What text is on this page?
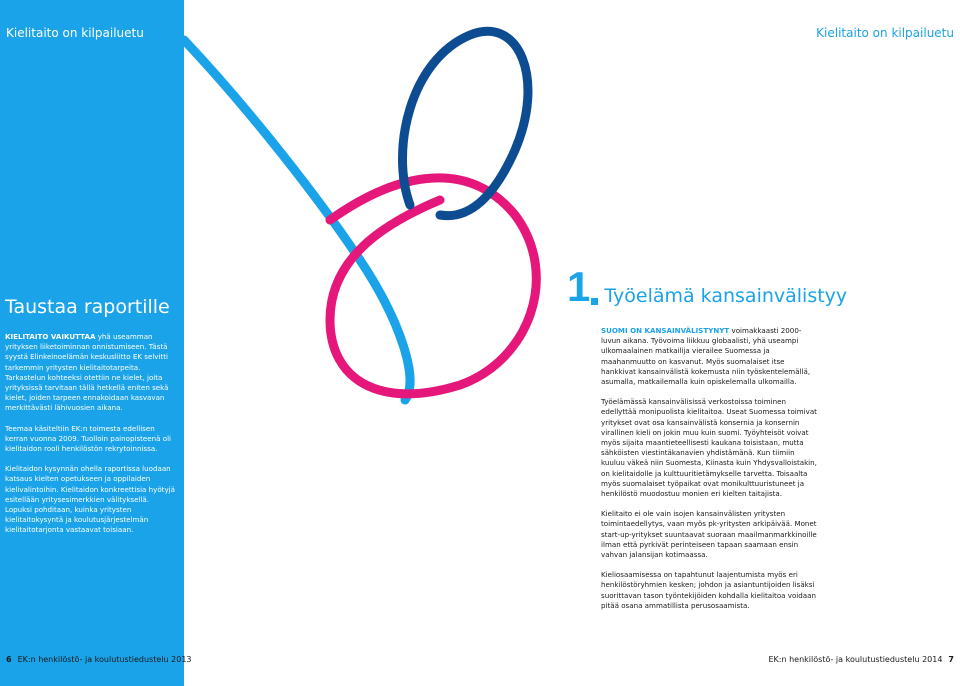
Kielitaito on kilpailuetu	Kielitaito on kilpailuetu
Taustaa raportille

KIELITAITO VAIKUTTAA yhä useamman yrityksen liiketoiminnan onnistumiseen. Tästä syystä Elinkeinoelämän keskusliitto EK selvitti tarkemmin yritysten kielitaitotarpeita. Tarkastelun kohteeksi otettiin ne kielet, joita yrityksissä tarvitaan tällä hetkellä eniten sekä kielet, joiden tarpeen ennakoidaan kasvavan merkittävästi lähivuosien aikana.

Teemaa käsiteltiin EK:n toimesta edellisen kerran vuonna 2009. Tuolloin painopisteenä oli kielitaidon rooli henkilöstön rekrytoinnissa.

Kielitaidon kysynnän ohella raportissa luodaan katsaus kielten opetukseen ja oppilaiden kielivalintoihin. Kielitaidon konkreettisia hyötyjä esitellään yritysesimerkkien välityksellä. Lopuksi pohditaan, kuinka yritysten kielitaitokysyntä ja koulutusjärjestelmän kielitaitotarjonta vastaavat toisiaan.

1 Työelämä kansainvälistyy

SUOMI ON KANSAINVÄLISTYNYT voimakkaasti 2000-luvun aikana. Työvoima liikkuu globaalisti, yhä useampi ulkomaalainen matkailija vierailee Suomessa ja maahanmuutto on kasvanut. Myös suomalaiset itse hankkivat kansainvälistä kokemusta niin työskentelemällä, asumalla, matkailemalla kuin opiskelemalla ulkomailla.

Työelämässä kansainvälisissä verkostoissa toiminen edellyttää monipuolista kielitaitoa. Useat Suomessa toimivat yritykset ovat osa kansainvälistä konsernia ja konsernin virallinen kieli on jokin muu kuin suomi. Työyhteisöt voivat myös sijaita maantieteellisesti kaukana toisistaan, mutta sähköisten viestintäkanavien yhdistämänä. Kun tiimiin kuuluu väkeä niin Suomesta, Kiinasta kuin Yhdysvalloistakin, on kielitaidolle ja kulttuuritietämykselle tarvetta. Toisaalta myös suomalaiset työpaikat ovat monikulttuuristuneet ja henkilöstö muodostuu monien eri kielten taitajista.

Kielitaito ei ole vain isojen kansainvälisten yritysten toimintaedellytys, vaan myös pk-yritysten arkipäivää. Monet start-up-yritykset suuntaavat suoraan maailmanmarkkinoille ilman että pyrkivät perinteiseen tapaan saamaan ensin vahvan jalansijan kotimaassa.

Kieliosaamisessa on tapahtunut laajentumista myös eri henkilöstöryhmien kesken; johdon ja asiantuntijoiden lisäksi suorittavan tason työntekijöiden kohdalla kielitaitoa voidaan pitää osana ammatillista perusosaamista.

6 EK:n henkilöstö- ja koulutustiedustelu 2013	EK:n henkilöstö- ja koulutustiedustelu 2014 7
